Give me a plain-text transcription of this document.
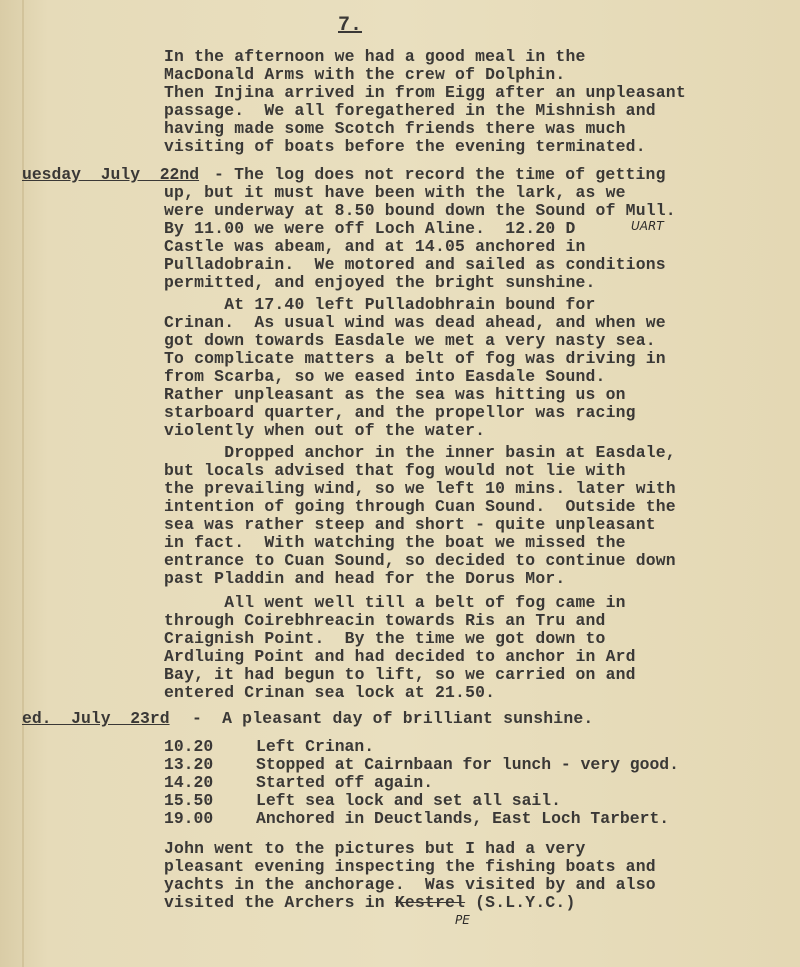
7.
In the afternoon we had a good meal in the
MacDonald Arms with the crew of Dolphin.
Then Injina arrived in from Eigg after an unpleasant
passage.  We all foregathered in the Mishnish and
having made some Scotch friends there was much
visiting of boats before the evening terminated.
uesday  July  22nd - The log does not record the time of getting
up, but it must have been with the lark, as we
were underway at 8.50 bound down the Sound of Mull.
By 11.00 we were off Loch Aline.  12.20 D	UART
Castle was abeam, and at 14.05 anchored in
Pulladobrain.  We motored and sailed as conditions
permitted, and enjoyed the bright sunshine.
At 17.40 left Pulladobhrain bound for
Crinan.  As usual wind was dead ahead, and when we
got down towards Easdale we met a very nasty sea.
To complicate matters a belt of fog was driving in
from Scarba, so we eased into Easdale Sound.
Rather unpleasant as the sea was hitting us on
starboard quarter, and the propellor was racing
violently when out of the water.
Dropped anchor in the inner basin at Easdale,
but locals advised that fog would not lie with
the prevailing wind, so we left 10 mins. later with
intention of going through Cuan Sound.  Outside the
sea was rather steep and short - quite unpleasant
in fact.  With watching the boat we missed the
entrance to Cuan Sound, so decided to continue down
past Pladdin and head for the Dorus Mor.
All went well till a belt of fog came in
through Coirebhreacin towards Ris an Tru and
Craignish Point.  By the time we got down to
Ardluing Point and had decided to anchor in Ard
Bay, it had begun to lift, so we carried on and
entered Crinan sea lock at 21.50.
ed.  July  23rd -  A pleasant day of brilliant sunshine.
10.20	Left Crinan.
13.20	Stopped at Cairnbaan for lunch - very good.
14.20	Started off again.
15.50	Left sea lock and set all sail.
19.00	Anchored in Deuctlands, East Loch Tarbert.
John went to the pictures but I had a very
pleasant evening inspecting the fishing boats and
yachts in the anchorage.  Was visited by and also
visited the Archers in Kestrel (S.L.Y.C.)
PE
